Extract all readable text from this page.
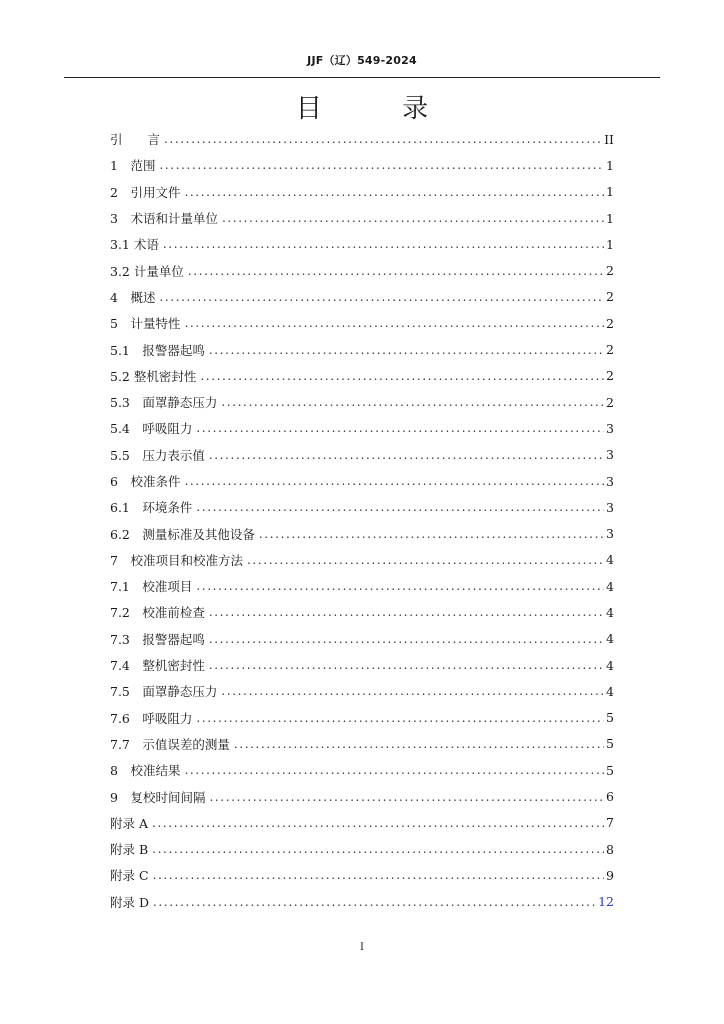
JJF（辽）549-2024
目 录
引　　言 .....	II
1　范围 .....	1
2　引用文件 .....	1
3　术语和计量单位 .....	1
3.1 术语 .....	1
3.2 计量单位 .....	2
4　概述 .....	2
5　计量特性 .....	2
5.1　报警器起鸣 .....	2
5.2 整机密封性 .....	2
5.3　面罩静态压力 .....	2
5.4　呼吸阻力 .....	3
5.5　压力表示值 .....	3
6　校准条件 .....	3
6.1　环境条件 .....	3
6.2　测量标准及其他设备 .....	3
7　校准项目和校准方法 .....	4
7.1　校准项目 .....	4
7.2　校准前检查 .....	4
7.3　报警器起鸣 .....	4
7.4　整机密封性 .....	4
7.5　面罩静态压力 .....	4
7.6　呼吸阻力 .....	5
7.7　示值误差的测量 .....	5
8　校准结果 .....	5
9　复校时间间隔 .....	6
附录 A .....	7
附录 B .....	8
附录 C .....	9
附录 D .....	12
I
